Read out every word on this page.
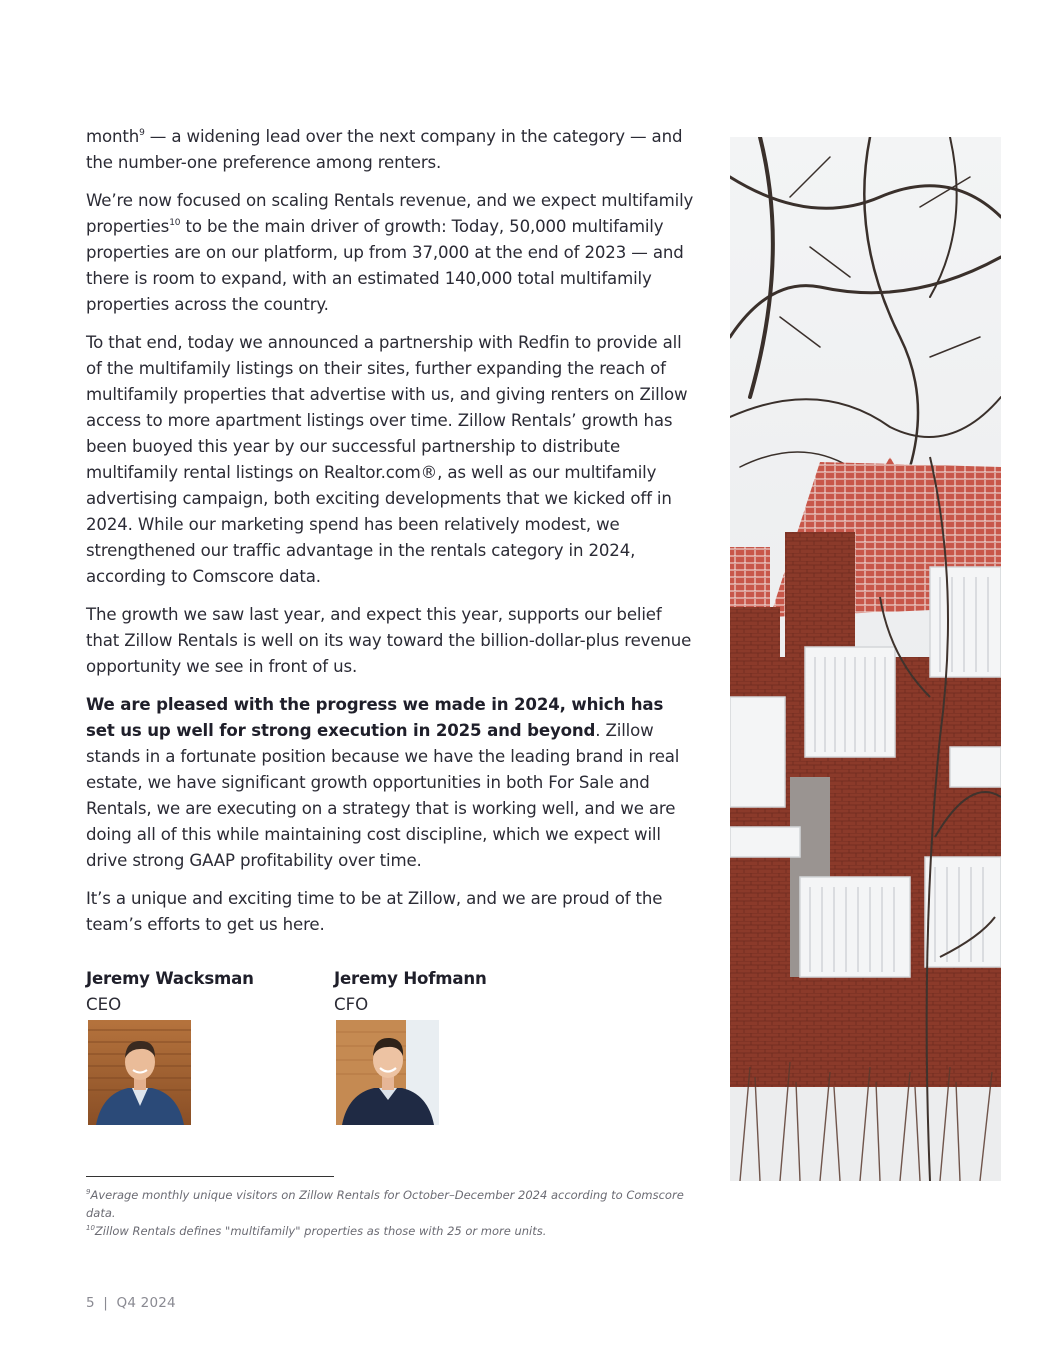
month$^9$ — a widening lead over the next company in the category — and the number-one preference among renters.

We’re now focused on scaling Rentals revenue, and we expect multifamily properties$^{10}$ to be the main driver of growth: Today, 50,000 multifamily properties are on our platform, up from 37,000 at the end of 2023 — and there is room to expand, with an estimated 140,000 total multifamily properties across the country.

To that end, today we announced a partnership with Redfin to provide all of the multifamily listings on their sites, further expanding the reach of multifamily properties that advertise with us, and giving renters on Zillow access to more apartment listings over time. Zillow Rentals’ growth has been buoyed this year by our successful partnership to distribute multifamily rental listings on Realtor.com®, as well as our multifamily advertising campaign, both exciting developments that we kicked off in 2024. While our marketing spend has been relatively modest, we strengthened our traffic advantage in the rentals category in 2024, according to Comscore data.

The growth we saw last year, and expect this year, supports our belief that Zillow Rentals is well on its way toward the billion-dollar-plus revenue opportunity we see in front of us.

We are pleased with the progress we made in 2024, which has set us up well for strong execution in 2025 and beyond. Zillow stands in a fortunate position because we have the leading brand in real estate, we have significant growth opportunities in both For Sale and Rentals, we are executing on a strategy that is working well, and we are doing all of this while maintaining cost discipline, which we expect will drive strong GAAP profitability over time.

It’s a unique and exciting time to be at Zillow, and we are proud of the team’s efforts to get us here.

Jeremy Wacksman
CEO
Jeremy Hofmann
CFO
$^9$Average monthly unique visitors on Zillow Rentals for October–December 2024 according to Comscore data.
$^{10}$Zillow Rentals defines "multifamily" properties as those with 25 or more units.
5 | Q4 2024
